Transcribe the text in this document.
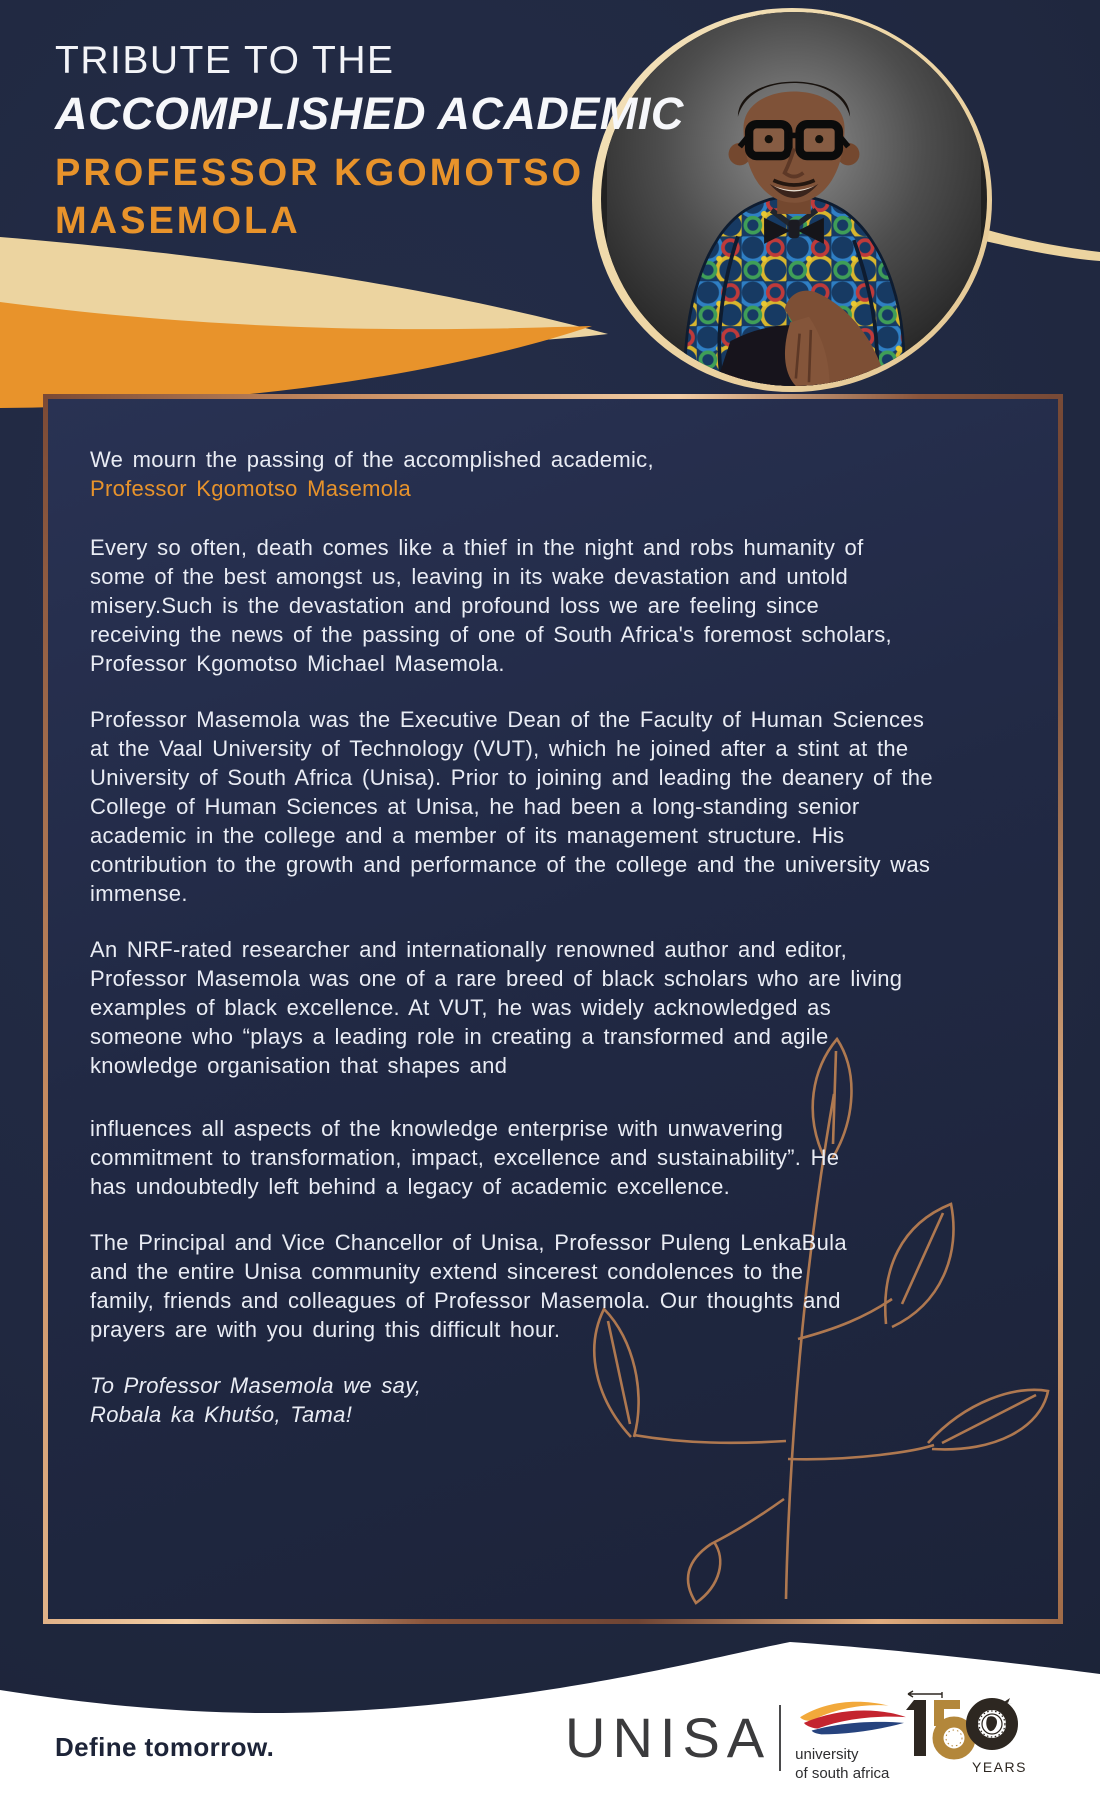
TRIBUTE TO THE
ACCOMPLISHED ACADEMIC
PROFESSOR KGOMOTSO
MASEMOLA

We mourn the passing of the accomplished academic,
Professor Kgomotso Masemola

Every so often, death comes like a thief in the night and robs humanity of some of the best amongst us, leaving in its wake devastation and untold misery.Such is the devastation and profound loss we are feeling since receiving the news of the passing of one of South Africa's foremost scholars, Professor Kgomotso Michael Masemola.

Professor Masemola was the Executive Dean of the Faculty of Human Sciences at the Vaal University of Technology (VUT), which he joined after a stint at the University of South Africa (Unisa). Prior to joining and leading the deanery of the College of Human Sciences at Unisa, he had been a long-standing senior academic in the college and a member of its management structure. His contribution to the growth and performance of the college and the university was immense.

An NRF-rated researcher and internationally renowned author and editor, Professor Masemola was one of a rare breed of black scholars who are living examples of black excellence. At VUT, he was widely acknowledged as someone who “plays a leading role in creating a transformed and agile knowledge organisation that shapes and

influences all aspects of the knowledge enterprise with unwavering commitment to transformation, impact, excellence and sustainability”. He has undoubtedly left behind a legacy of academic excellence.

The Principal and Vice Chancellor of Unisa, Professor Puleng LenkaBula and the entire Unisa community extend sincerest condolences to the family, friends and colleagues of Professor Masemola. Our thoughts and prayers are with you during this difficult hour.

To Professor Masemola we say,
Robala ka Khutśo, Tama!

Define tomorrow.	UNISA university
of south africa	YEARS
